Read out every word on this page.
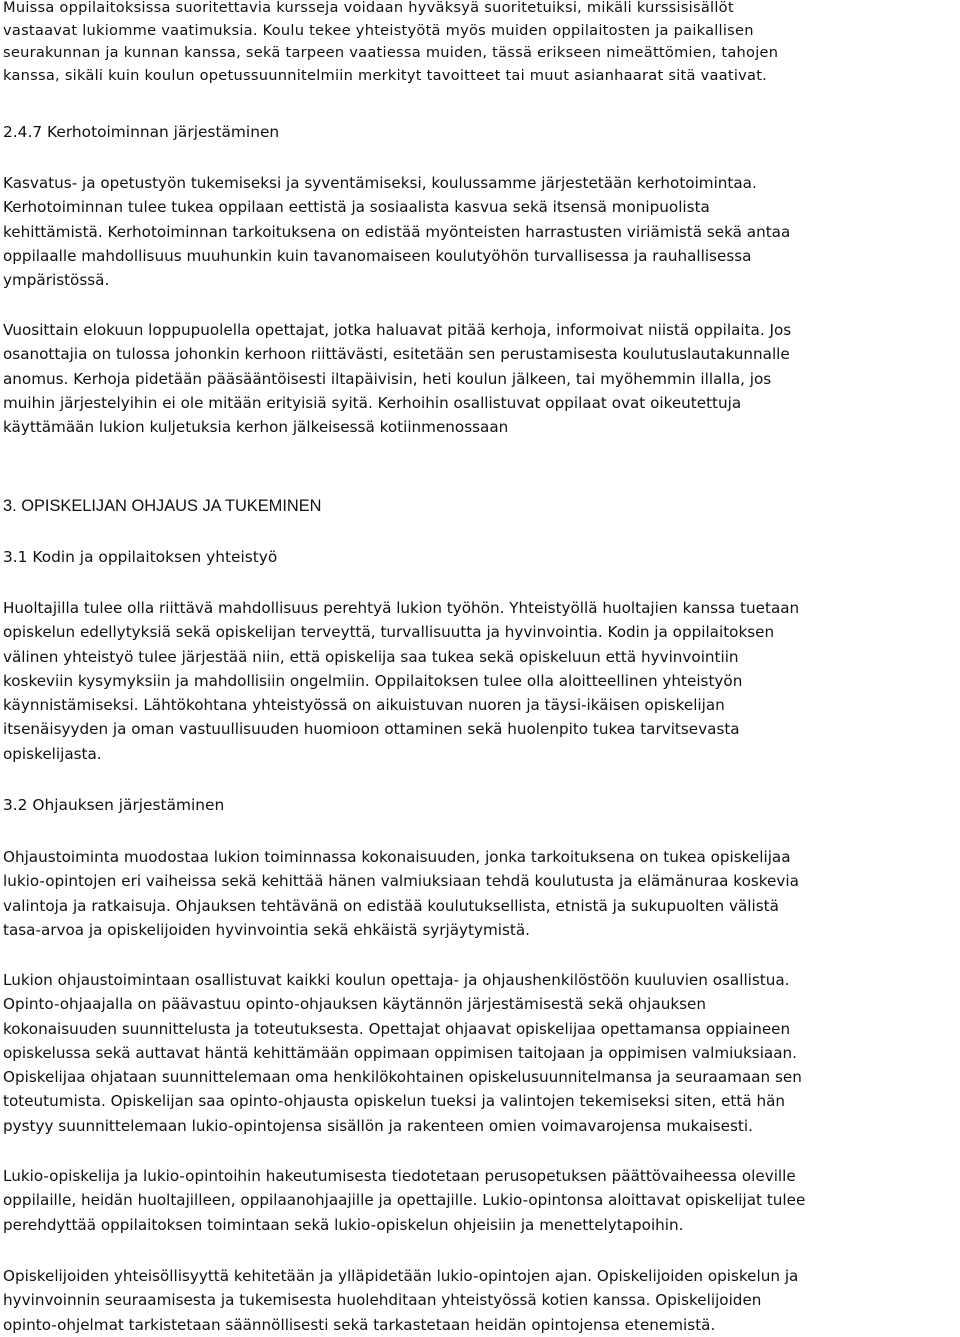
Muissa oppilaitoksissa suoritettavia kursseja voidaan hyväksyä suoritetuiksi, mikäli kurssisisällöt
vastaavat lukiomme vaatimuksia. Koulu tekee yhteistyötä myös muiden oppilaitosten ja paikallisen
seurakunnan ja kunnan kanssa, sekä tarpeen vaatiessa muiden, tässä erikseen nimeättömien, tahojen
kanssa, sikäli kuin koulun opetussuunnitelmiin merkityt tavoitteet tai muut asianhaarat sitä vaativat.

2.4.7 Kerhotoiminnan järjestäminen

Kasvatus- ja opetustyön tukemiseksi ja syventämiseksi, koulussamme järjestetään kerhotoimintaa.
Kerhotoiminnan tulee tukea oppilaan eettistä ja sosiaalista kasvua sekä itsensä monipuolista
kehittämistä. Kerhotoiminnan tarkoituksena on edistää myönteisten harrastusten viriämistä sekä antaa
oppilaalle mahdollisuus muuhunkin kuin tavanomaiseen koulutyöhön turvallisessa ja rauhallisessa
ympäristössä.

Vuosittain elokuun loppupuolella opettajat, jotka haluavat pitää kerhoja, informoivat niistä oppilaita. Jos
osanottajia on tulossa johonkin kerhoon riittävästi, esitetään sen perustamisesta koulutuslautakunnalle
anomus. Kerhoja pidetään pääsääntöisesti iltapäivisin, heti koulun jälkeen, tai myöhemmin illalla, jos
muihin järjestelyihin ei ole mitään erityisiä syitä. Kerhoihin osallistuvat oppilaat ovat oikeutettuja
käyttämään lukion kuljetuksia kerhon jälkeisessä kotiinmenossaan

3. OPISKELIJAN OHJAUS JA TUKEMINEN
3.1 Kodin ja oppilaitoksen yhteistyö

Huoltajilla tulee olla riittävä mahdollisuus perehtyä lukion työhön. Yhteistyöllä huoltajien kanssa tuetaan
opiskelun edellytyksiä sekä opiskelijan terveyttä, turvallisuutta ja hyvinvointia. Kodin ja oppilaitoksen
välinen yhteistyö tulee järjestää niin, että opiskelija saa tukea sekä opiskeluun että hyvinvointiin
koskeviin kysymyksiin ja mahdollisiin ongelmiin. Oppilaitoksen tulee olla aloitteellinen yhteistyön
käynnistämiseksi. Lähtökohtana yhteistyössä on aikuistuvan nuoren ja täysi-ikäisen opiskelijan
itsenäisyyden ja oman vastuullisuuden huomioon ottaminen sekä huolenpito tukea tarvitsevasta
opiskelijasta.

3.2 Ohjauksen järjestäminen

Ohjaustoiminta muodostaa lukion toiminnassa kokonaisuuden, jonka tarkoituksena on tukea opiskelijaa
lukio-opintojen eri vaiheissa sekä kehittää hänen valmiuksiaan tehdä koulutusta ja elämänuraa koskevia
valintoja ja ratkaisuja. Ohjauksen tehtävänä on edistää koulutuksellista, etnistä ja sukupuolten välistä
tasa-arvoa ja opiskelijoiden hyvinvointia sekä ehkäistä syrjäytymistä.

Lukion ohjaustoimintaan osallistuvat kaikki koulun opettaja- ja ohjaushenkilöstöön kuuluvien osallistua.
Opinto-ohjaajalla on päävastuu opinto-ohjauksen käytännön järjestämisestä sekä ohjauksen
kokonaisuuden suunnittelusta ja toteutuksesta. Opettajat ohjaavat opiskelijaa opettamansa oppiaineen
opiskelussa sekä auttavat häntä kehittämään oppimaan oppimisen taitojaan ja oppimisen valmiuksiaan.
Opiskelijaa ohjataan suunnittelemaan oma henkilökohtainen opiskelusuunnitelmansa ja seuraamaan sen
toteutumista. Opiskelijan saa opinto-ohjausta opiskelun tueksi ja valintojen tekemiseksi siten, että hän
pystyy suunnittelemaan lukio-opintojensa sisällön ja rakenteen omien voimavarojensa mukaisesti.

Lukio-opiskelija ja lukio-opintoihin hakeutumisesta tiedotetaan perusopetuksen päättövaiheessa oleville
oppilaille, heidän huoltajilleen, oppilaanohjaajille ja opettajille. Lukio-opintonsa aloittavat opiskelijat tulee
perehdyttää oppilaitoksen toimintaan sekä lukio-opiskelun ohjeisiin ja menettelytapoihin.

Opiskelijoiden yhteisöllisyyttä kehitetään ja ylläpidetään lukio-opintojen ajan. Opiskelijoiden opiskelun ja
hyvinvoinnin seuraamisesta ja tukemisesta huolehditaan yhteistyössä kotien kanssa. Opiskelijoiden
opinto-ohjelmat tarkistetaan säännöllisesti sekä tarkastetaan heidän opintojensa etenemistä.
